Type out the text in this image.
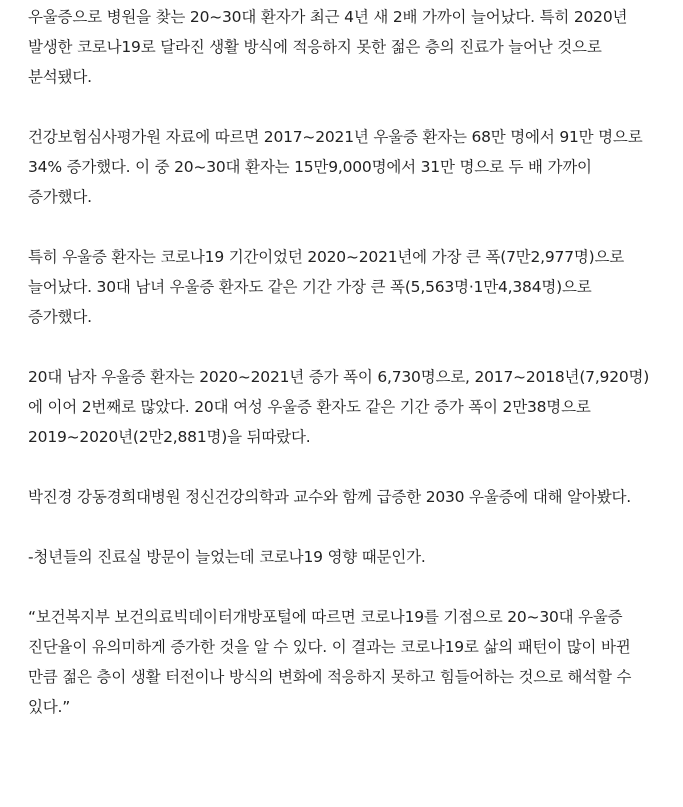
우울증으로 병원을 찾는 20~30대 환자가 최근 4년 새 2배 가까이 늘어났다. 특히 2020년 발생한 코로나19로 달라진 생활 방식에 적응하지 못한 젊은 층의 진료가 늘어난 것으로 분석됐다.

건강보험심사평가원 자료에 따르면 2017~2021년 우울증 환자는 68만 명에서 91만 명으로 34% 증가했다. 이 중 20~30대 환자는 15만9,000명에서 31만 명으로 두 배 가까이 증가했다.

특히 우울증 환자는 코로나19 기간이었던 2020~2021년에 가장 큰 폭(7만2,977명)으로 늘어났다. 30대 남녀 우울증 환자도 같은 기간 가장 큰 폭(5,563명·1만4,384명)으로 증가했다.

20대 남자 우울증 환자는 2020~2021년 증가 폭이 6,730명으로, 2017~2018년(7,920명)에 이어 2번째로 많았다. 20대 여성 우울증 환자도 같은 기간 증가 폭이 2만38명으로 2019~2020년(2만2,881명)을 뒤따랐다.

박진경 강동경희대병원 정신건강의학과 교수와 함께 급증한 2030 우울증에 대해 알아봤다.

-청년들의 진료실 방문이 늘었는데 코로나19 영향 때문인가.

“보건복지부 보건의료빅데이터개방포털에 따르면 코로나19를 기점으로 20~30대 우울증 진단율이 유의미하게 증가한 것을 알 수 있다. 이 결과는 코로나19로 삶의 패턴이 많이 바뀐 만큼 젊은 층이 생활 터전이나 방식의 변화에 적응하지 못하고 힘들어하는 것으로 해석할 수 있다.”
